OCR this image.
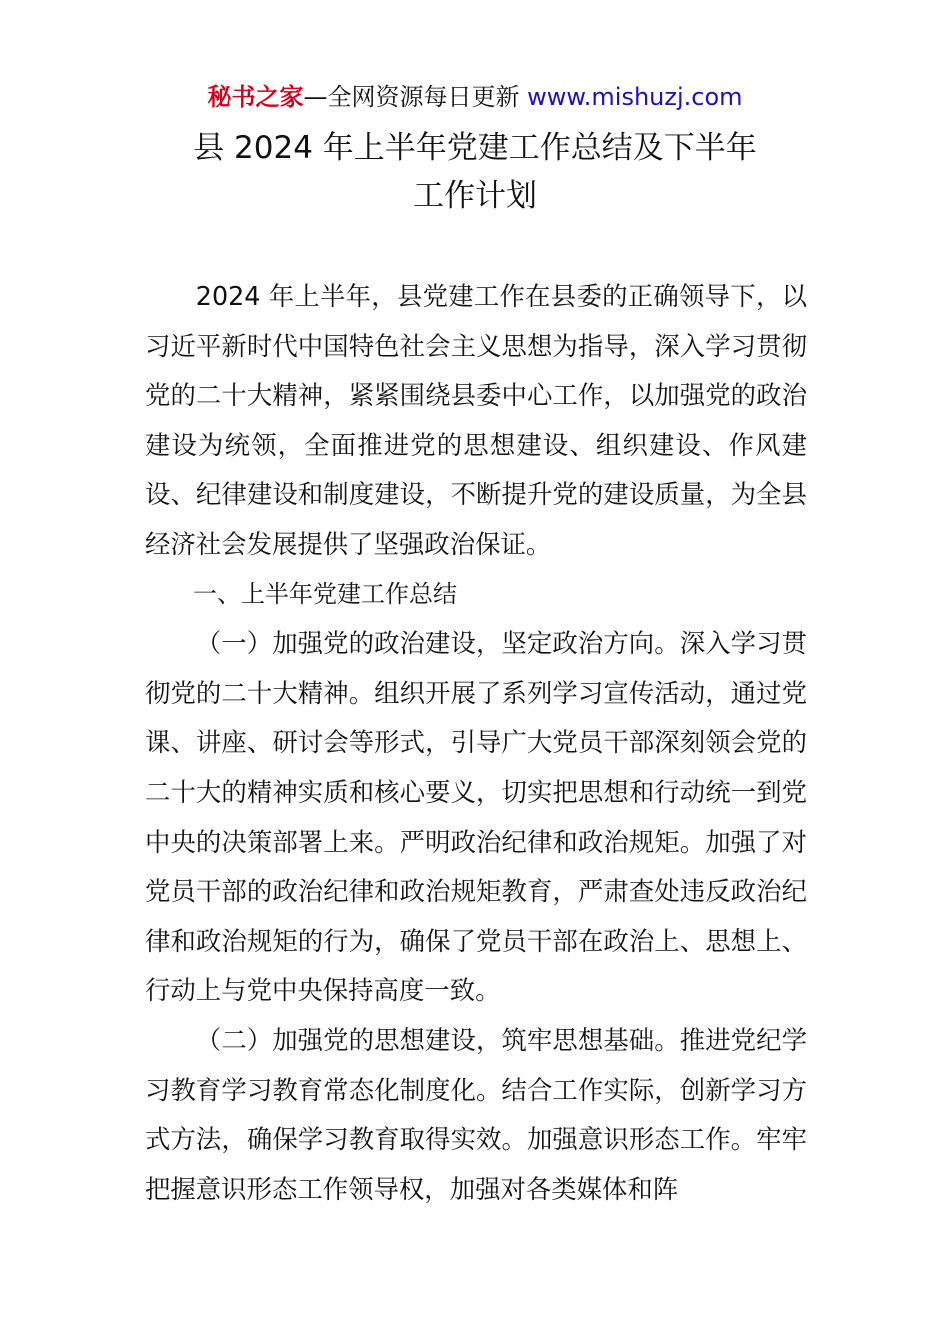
秘书之家—全网资源每日更新 www.mishuzj.com
县 2024 年上半年党建工作总结及下半年
工作计划

2024 年上半年，县党建工作在县委的正确领导下，以习近平新时代中国特色社会主义思想为指导，深入学习贯彻党的二十大精神，紧紧围绕县委中心工作，以加强党的政治建设为统领，全面推进党的思想建设、组织建设、作风建设、纪律建设和制度建设，不断提升党的建设质量，为全县经济社会发展提供了坚强政治保证。

一、上半年党建工作总结

（一）加强党的政治建设，坚定政治方向。深入学习贯彻党的二十大精神。组织开展了系列学习宣传活动，通过党课、讲座、研讨会等形式，引导广大党员干部深刻领会党的二十大的精神实质和核心要义，切实把思想和行动统一到党中央的决策部署上来。严明政治纪律和政治规矩。加强了对党员干部的政治纪律和政治规矩教育，严肃查处违反政治纪律和政治规矩的行为，确保了党员干部在政治上、思想上、行动上与党中央保持高度一致。

（二）加强党的思想建设，筑牢思想基础。推进党纪学习教育学习教育常态化制度化。结合工作实际，创新学习方式方法，确保学习教育取得实效。加强意识形态工作。牢牢把握意识形态工作领导权，加强对各类媒体和阵
